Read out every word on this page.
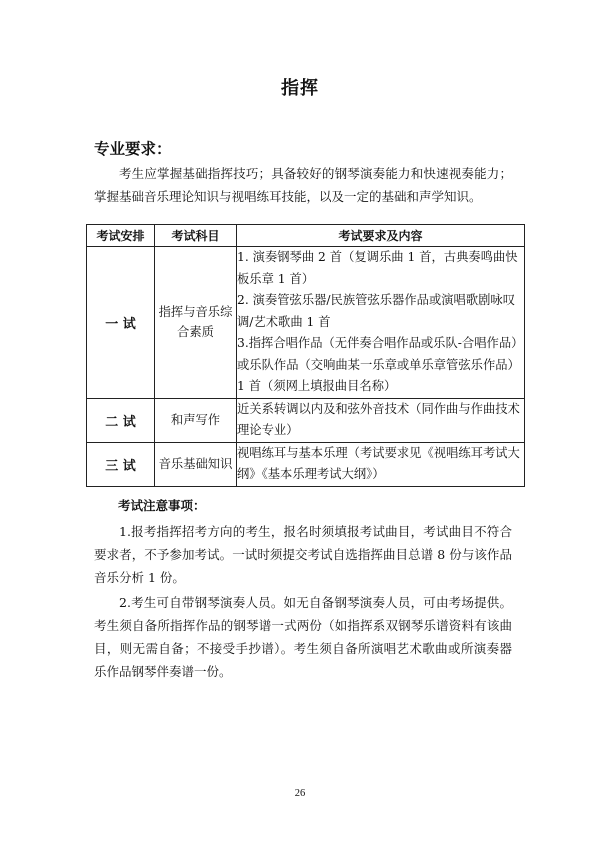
指挥
专业要求：
考生应掌握基础指挥技巧；具备较好的钢琴演奏能力和快速视奏能力；掌握基础音乐理论知识与视唱练耳技能，以及一定的基础和声学知识。
考试安排	考试科目	考试要求及内容
一 试	指挥与音乐综合素质	1. 演奏钢琴曲 2 首（复调乐曲 1 首，古典奏鸣曲快板乐章 1 首）
2. 演奏管弦乐器/民族管弦乐器作品或演唱歌剧咏叹调/艺术歌曲 1 首
3.指挥合唱作品（无伴奏合唱作品或乐队-合唱作品）或乐队作品（交响曲某一乐章或单乐章管弦乐作品）1 首（须网上填报曲目名称）

二 试	和声写作	近关系转调以内及和弦外音技术（同作曲与作曲技术理论专业）

三 试	音乐基础知识	视唱练耳与基本乐理（考试要求见《视唱练耳考试大纲》《基本乐理考试大纲》）
考试注意事项：
1.报考指挥招考方向的考生，报名时须填报考试曲目，考试曲目不符合要求者，不予参加考试。一试时须提交考试自选指挥曲目总谱 8 份与该作品音乐分析 1 份。
2.考生可自带钢琴演奏人员。如无自备钢琴演奏人员，可由考场提供。考生须自备所指挥作品的钢琴谱一式两份（如指挥系双钢琴乐谱资料有该曲目，则无需自备；不接受手抄谱）。考生须自备所演唱艺术歌曲或所演奏器乐作品钢琴伴奏谱一份。
26
